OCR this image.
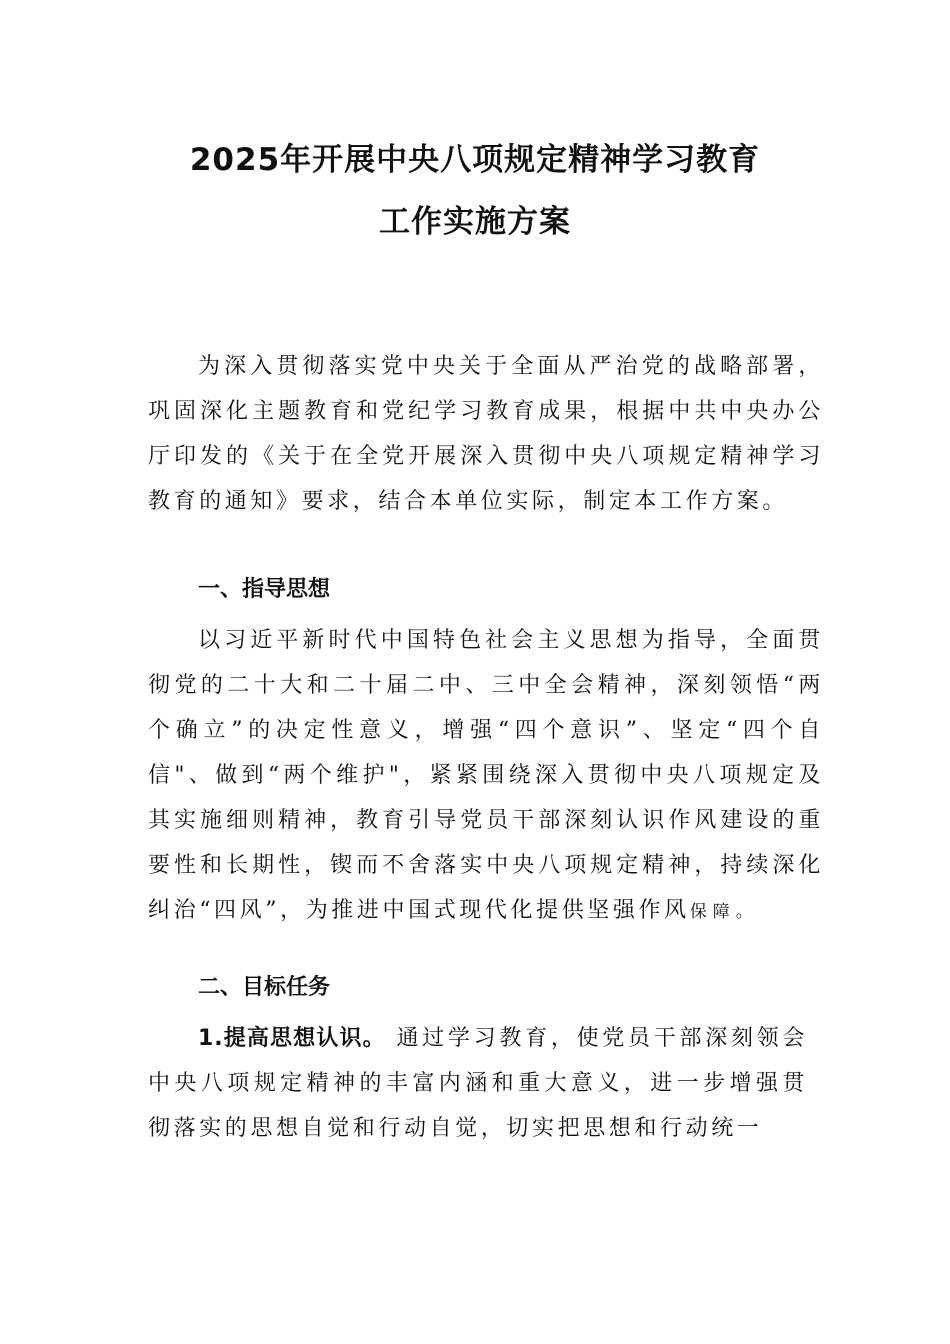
2025年开展中央八项规定精神学习教育
工作实施方案

为深入贯彻落实党中央关于全面从严治党的战略部署，巩固深化主题教育和党纪学习教育成果，根据中共中央办公厅印发的《关于在全党开展深入贯彻中央八项规定精神学习教育的通知》要求，结合本单位实际，制定本工作方案。

一、指导思想

以习近平新时代中国特色社会主义思想为指导，全面贯彻党的二十大和二十届二中、三中全会精神，深刻领悟“两个确立”的决定性意义，增强“四个意识”、坚定“四个自信"、做到“两个维护"，紧紧围绕深入贯彻中央八项规定及其实施细则精神，教育引导党员干部深刻认识作风建设的重要性和长期性，锲而不舍落实中央八项规定精神，持续深化纠治“四风”，为推进中国式现代化提供坚强作风保障。

二、目标任务

1.提高思想认识。 通过学习教育，使党员干部深刻领会中央八项规定精神的丰富内涵和重大意义，进一步增强贯彻落实的思想自觉和行动自觉，切实把思想和行动统一
